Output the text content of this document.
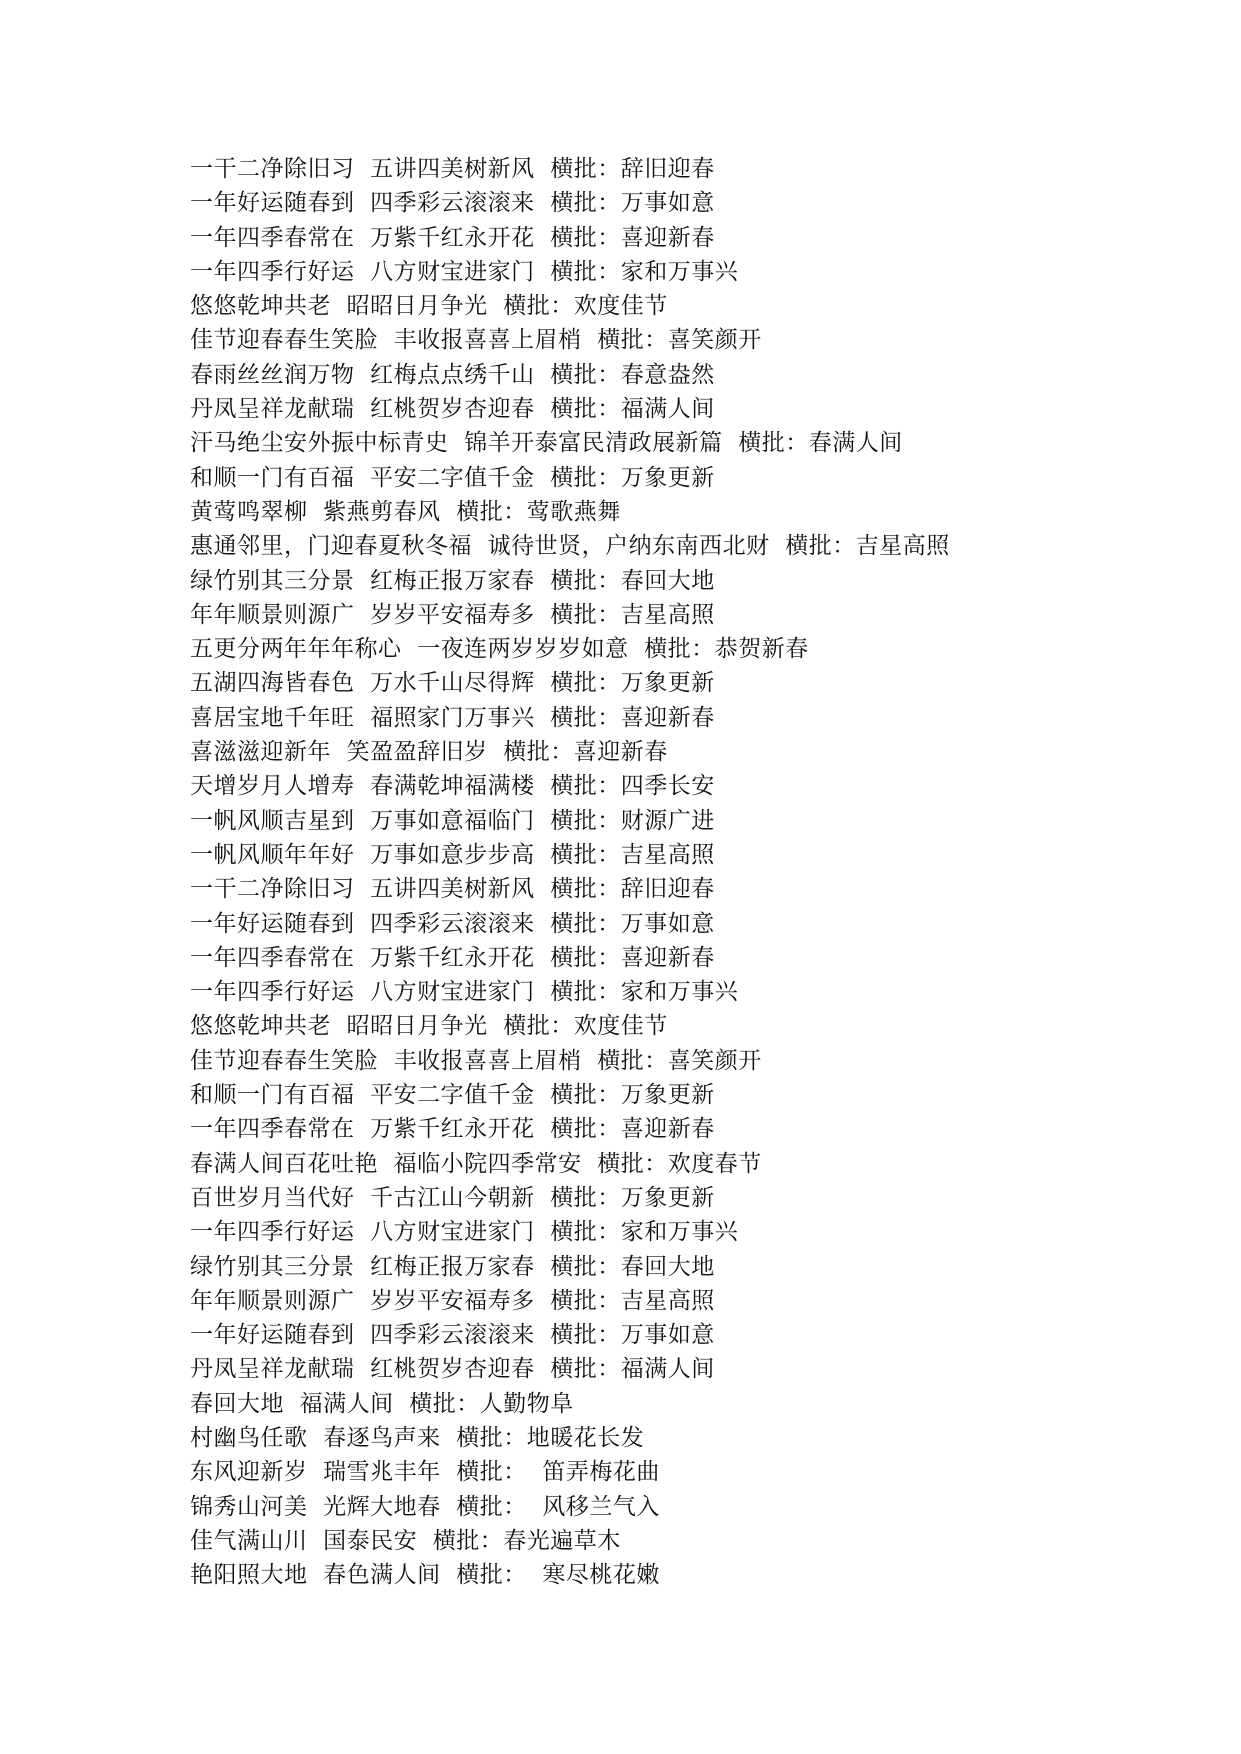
一干二净除旧习  五讲四美树新风  横批：辞旧迎春
一年好运随春到  四季彩云滚滚来  横批：万事如意
一年四季春常在  万紫千红永开花  横批：喜迎新春
一年四季行好运  八方财宝进家门  横批：家和万事兴
悠悠乾坤共老  昭昭日月争光  横批：欢度佳节
佳节迎春春生笑脸  丰收报喜喜上眉梢  横批：喜笑颜开
春雨丝丝润万物  红梅点点绣千山  横批：春意盎然
丹凤呈祥龙献瑞  红桃贺岁杏迎春  横批：福满人间
汗马绝尘安外振中标青史  锦羊开泰富民清政展新篇  横批：春满人间
和顺一门有百福  平安二字值千金  横批：万象更新
黄莺鸣翠柳  紫燕剪春风  横批：莺歌燕舞
惠通邻里，门迎春夏秋冬福  诚待世贤，户纳东南西北财  横批：吉星高照
绿竹别其三分景  红梅正报万家春  横批：春回大地
年年顺景则源广  岁岁平安福寿多  横批：吉星高照
五更分两年年年称心  一夜连两岁岁岁如意  横批：恭贺新春
五湖四海皆春色  万水千山尽得辉  横批：万象更新
喜居宝地千年旺  福照家门万事兴  横批：喜迎新春
喜滋滋迎新年  笑盈盈辞旧岁  横批：喜迎新春
天增岁月人增寿  春满乾坤福满楼  横批：四季长安
一帆风顺吉星到  万事如意福临门  横批：财源广进
一帆风顺年年好  万事如意步步高  横批：吉星高照
一干二净除旧习  五讲四美树新风  横批：辞旧迎春
一年好运随春到  四季彩云滚滚来  横批：万事如意
一年四季春常在  万紫千红永开花  横批：喜迎新春
一年四季行好运  八方财宝进家门  横批：家和万事兴
悠悠乾坤共老  昭昭日月争光  横批：欢度佳节
佳节迎春春生笑脸  丰收报喜喜上眉梢  横批：喜笑颜开
和顺一门有百福  平安二字值千金  横批：万象更新
一年四季春常在  万紫千红永开花  横批：喜迎新春
春满人间百花吐艳  福临小院四季常安  横批：欢度春节
百世岁月当代好  千古江山今朝新  横批：万象更新
一年四季行好运  八方财宝进家门  横批：家和万事兴
绿竹别其三分景  红梅正报万家春  横批：春回大地
年年顺景则源广  岁岁平安福寿多  横批：吉星高照
一年好运随春到  四季彩云滚滚来  横批：万事如意
丹凤呈祥龙献瑞  红桃贺岁杏迎春  横批：福满人间
春回大地  福满人间  横批：人勤物阜
村幽鸟任歌  春逐鸟声来  横批：地暖花长发
东风迎新岁  瑞雪兆丰年  横批：  笛弄梅花曲
锦秀山河美  光辉大地春  横批：  风移兰气入
佳气满山川  国泰民安  横批：春光遍草木
艳阳照大地  春色满人间  横批：  寒尽桃花嫩
